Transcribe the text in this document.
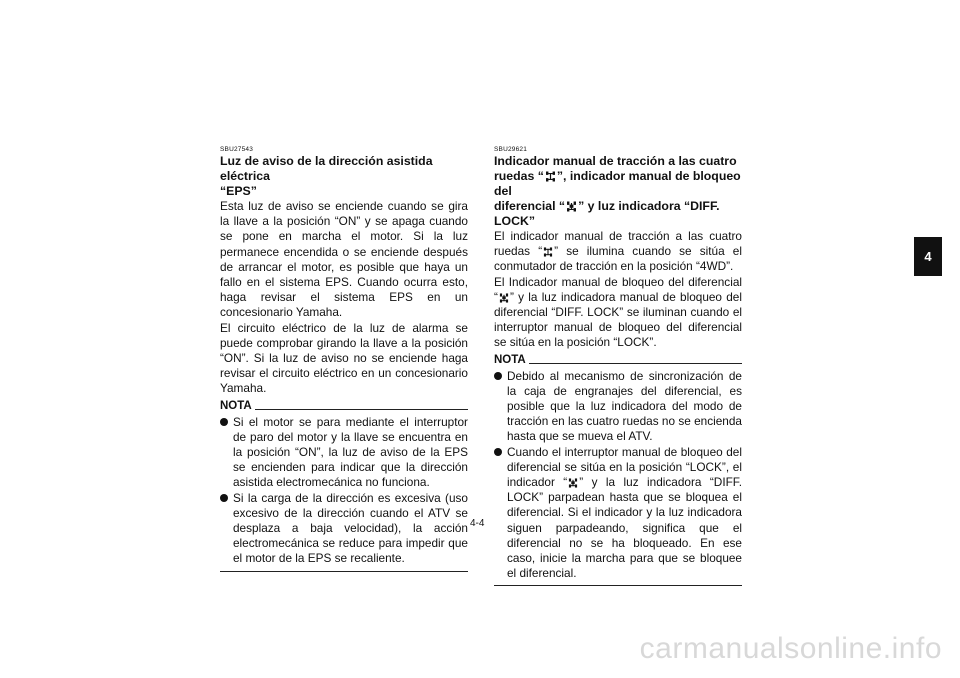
SBU27543
Luz de aviso de la dirección asistida eléctrica
“EPS”

Esta luz de aviso se enciende cuando se gira la llave a la posición “ON” y se apaga cuando se pone en marcha el motor. Si la luz permanece encendida o se enciende después de arrancar el motor, es posible que haya un fallo en el sistema EPS. Cuando ocurra esto, haga revisar el sistema EPS en un concesionario Yamaha.

El circuito eléctrico de la luz de alarma se puede comprobar girando la llave a la posición “ON”. Si la luz de aviso no se enciende haga revisar el circuito eléctrico en un concesionario Yamaha.

NOTA
Si el motor se para mediante el interruptor de paro del motor y la llave se encuentra en la posición “ON”, la luz de aviso de la EPS se encienden para indicar que la dirección asistida electromecánica no funciona.
Si la carga de la dirección es excesiva (uso excesivo de la dirección cuando el ATV se desplaza a baja velocidad), la acción electromecánica se reduce para impedir que el motor de la EPS se recaliente.
SBU29621
Indicador manual de tracción a las cuatro
ruedas “ ”, indicador manual de bloqueo del
diferencial “ ” y luz indicadora “DIFF. LOCK”

El indicador manual de tracción a las cuatro ruedas “ ” se ilumina cuando se sitúa el conmutador de tracción en la posición “4WD”.

El Indicador manual de bloqueo del diferencial “ ” y la luz indicadora manual de bloqueo del diferencial “DIFF. LOCK” se iluminan cuando el interruptor manual de bloqueo del diferencial se sitúa en la posición “LOCK”.

NOTA
Debido al mecanismo de sincronización de la caja de engranajes del diferencial, es posible que la luz indicadora del modo de tracción en las cuatro ruedas no se encienda hasta que se mueva el ATV.
Cuando el interruptor manual de bloqueo del diferencial se sitúa en la posición “LOCK”, el indicador “ ” y la luz indicadora “DIFF. LOCK” parpadean hasta que se bloquea el diferencial. Si el indicador y la luz indicadora siguen parpadeando, significa que el diferencial no se ha bloqueado. En ese caso, inicie la marcha para que se bloquee el diferencial.
4-4
4
carmanualsonline.info
